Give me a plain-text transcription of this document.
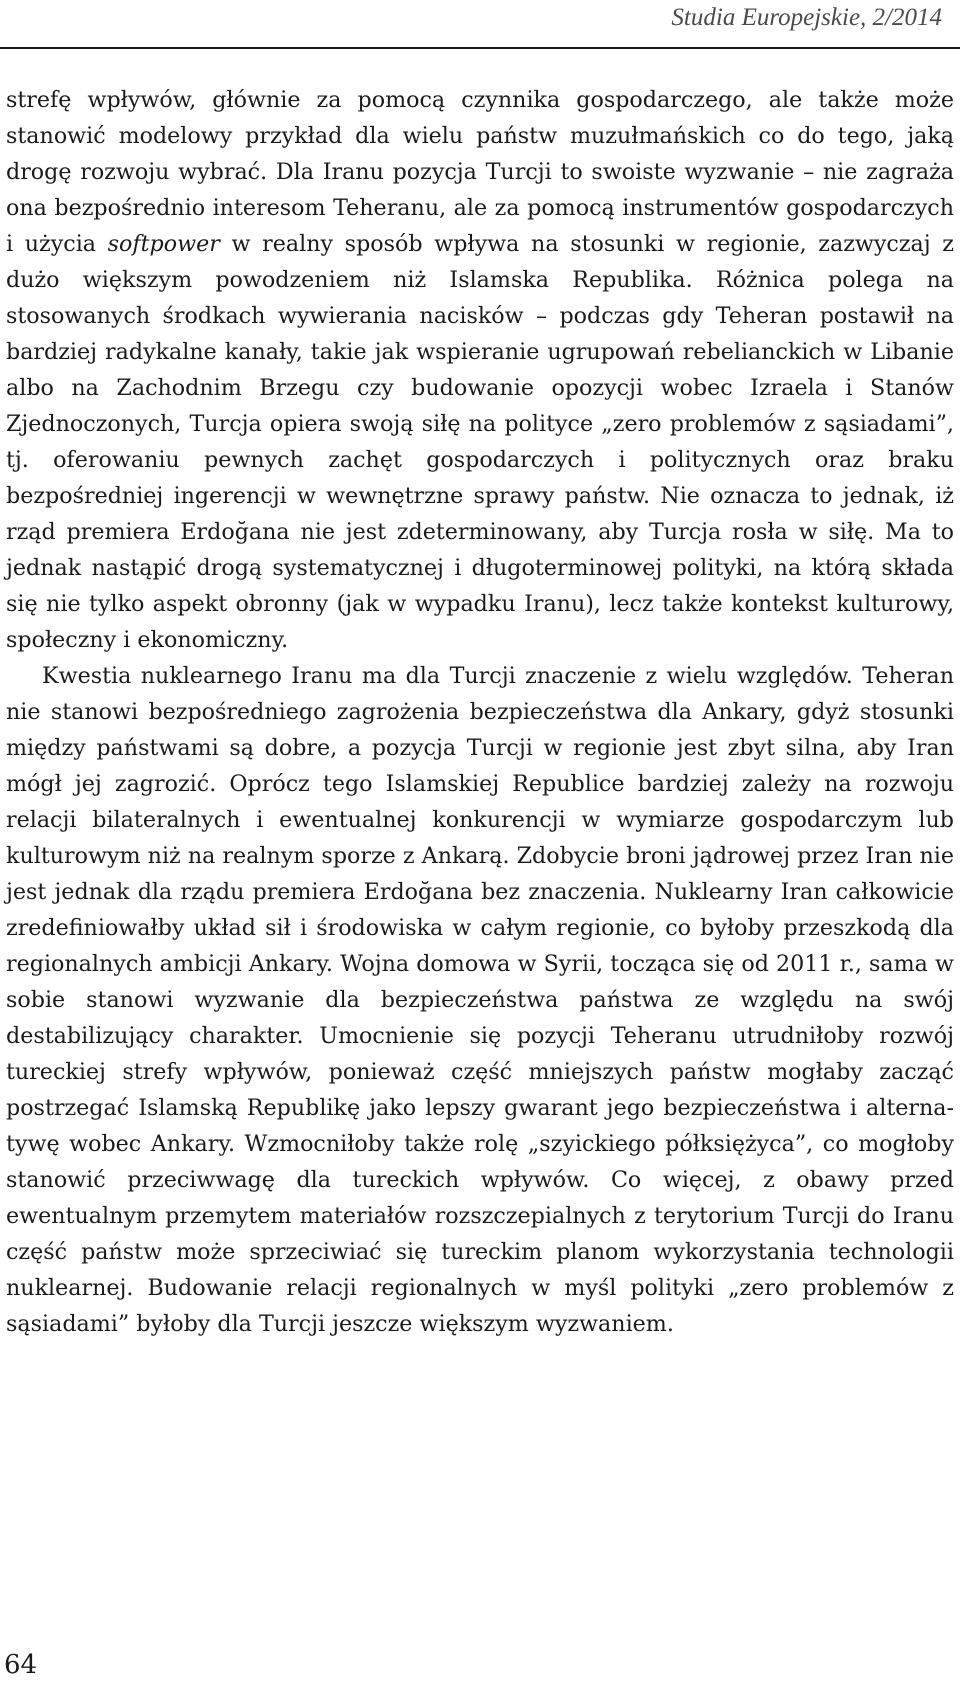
Studia Europejskie, 2/2014

strefę wpływów, głównie za pomocą czynnika gospodarczego, ale także może stanowić modelowy przykład dla wielu państw muzułmańskich co do tego, jaką drogę rozwoju wybrać. Dla Iranu pozycja Turcji to swoiste wyzwanie – nie zagraża ona bezpośrednio interesom Teheranu, ale za pomocą instrumentów gospodarczych i użycia softpower w realny sposób wpływa na stosunki w regionie, zazwyczaj z dużo większym powodzeniem niż Islamska Republika. Różnica polega na stosowanych środkach wywierania nacisków – podczas gdy Teheran postawił na bardziej radykalne kanały, takie jak wspieranie ugrupowań rebelianckich w Libanie albo na Zachodnim Brzegu czy budowanie opozycji wobec Izraela i Stanów Zjednoczonych, Turcja opiera swoją siłę na polityce „zero problemów z sąsiadami”, tj. oferowaniu pewnych zachęt gospodarczych i politycznych oraz braku bezpośredniej ingerencji w wewnętrzne sprawy państw. Nie oznacza to jednak, iż rząd premiera Erdoğana nie jest zdeterminowany, aby Turcja rosła w siłę. Ma to jednak nastąpić drogą systematycznej i długoterminowej polityki, na którą składa się nie tylko aspekt obronny (jak w wypadku Iranu), lecz także kontekst kulturowy, społeczny i ekonomiczny.

Kwestia nuklearnego Iranu ma dla Turcji znaczenie z wielu względów. Teheran nie stanowi bezpośredniego zagrożenia bezpieczeństwa dla Ankary, gdyż stosunki między państwami są dobre, a pozycja Turcji w regionie jest zbyt silna, aby Iran mógł jej zagrozić. Oprócz tego Islamskiej Republice bardziej zależy na rozwoju relacji bilateralnych i ewentualnej konkurencji w wymiarze gospodarczym lub kulturowym niż na realnym sporze z Ankarą. Zdobycie broni jądrowej przez Iran nie jest jednak dla rządu premiera Erdoğana bez znaczenia. Nuklearny Iran całkowicie zredefiniowałby układ sił i środowiska w całym regionie, co byłoby przeszkodą dla regionalnych ambicji Ankary. Wojna domowa w Syrii, tocząca się od 2011 r., sama w sobie stanowi wyzwanie dla bezpieczeństwa państwa ze względu na swój destabilizujący charakter. Umocnienie się pozycji Teheranu utrudniłoby rozwój tureckiej strefy wpływów, ponieważ część mniejszych państw mogłaby zacząć postrzegać Islamską Republikę jako lepszy gwarant jego bezpieczeństwa i alternatywę wobec Ankary. Wzmocniłoby także rolę „szyickiego półksiężyca”, co mogłoby stanowić przeciwwagę dla tureckich wpływów. Co więcej, z obawy przed ewentualnym przemytem materiałów rozszczepialnych z terytorium Turcji do Iranu część państw może sprzeciwiać się tureckim planom wykorzystania technologii nuklearnej. Budowanie relacji regionalnych w myśl polityki „zero problemów z sąsiadami” byłoby dla Turcji jeszcze większym wyzwaniem.

64
